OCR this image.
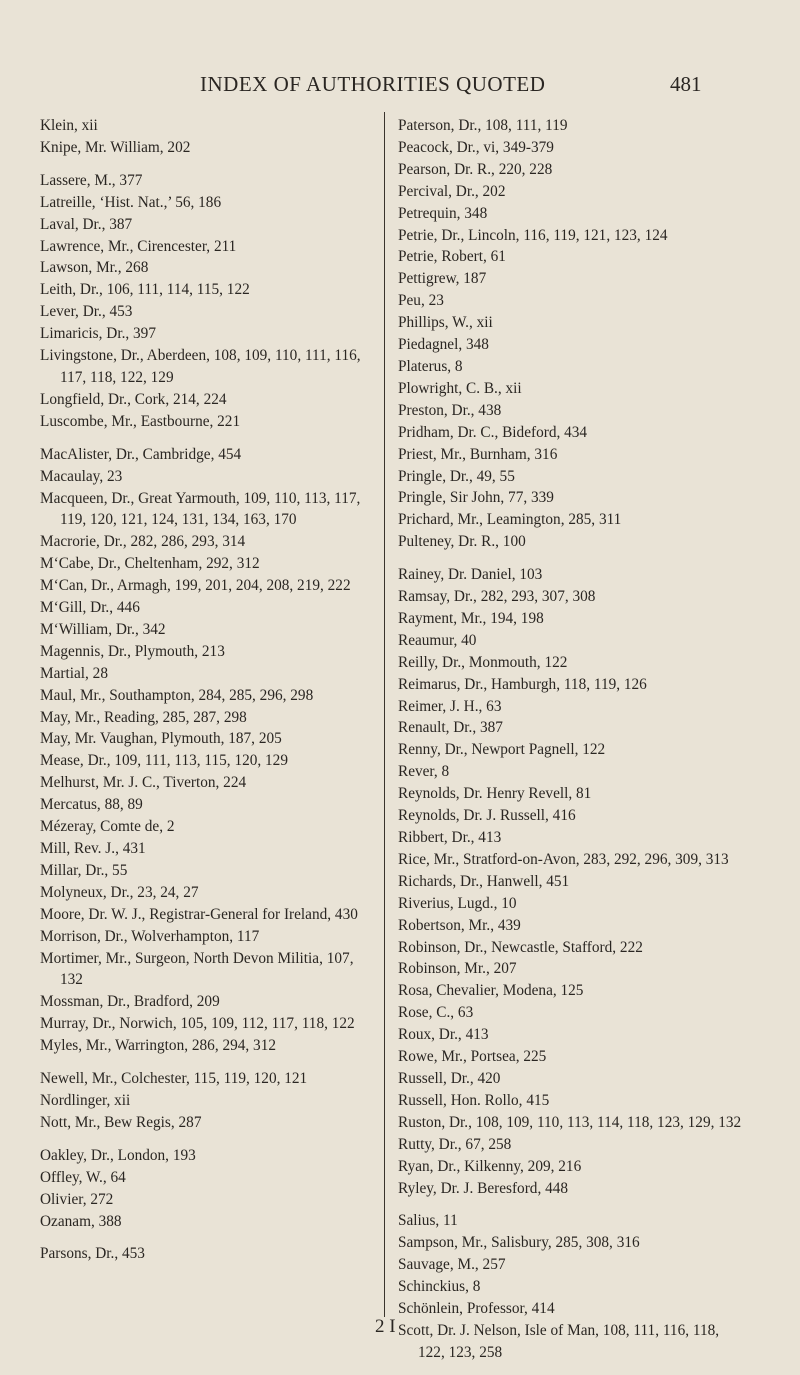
INDEX OF AUTHORITIES QUOTED	481
Klein, xii
Knipe, Mr. William, 202
Lassere, M., 377
Latreille, ‘Hist. Nat.,’ 56, 186
Laval, Dr., 387
Lawrence, Mr., Cirencester, 211
Lawson, Mr., 268
Leith, Dr., 106, 111, 114, 115, 122
Lever, Dr., 453
Limaricis, Dr., 397
Livingstone, Dr., Aberdeen, 108, 109, 110, 111, 116, 117, 118, 122, 129
Longfield, Dr., Cork, 214, 224
Luscombe, Mr., Eastbourne, 221
MacAlister, Dr., Cambridge, 454
Macaulay, 23
Macqueen, Dr., Great Yarmouth, 109, 110, 113, 117, 119, 120, 121, 124, 131, 134, 163, 170
Macrorie, Dr., 282, 286, 293, 314
M‘Cabe, Dr., Cheltenham, 292, 312
M‘Can, Dr., Armagh, 199, 201, 204, 208, 219, 222
M‘Gill, Dr., 446
M‘William, Dr., 342
Magennis, Dr., Plymouth, 213
Martial, 28
Maul, Mr., Southampton, 284, 285, 296, 298
May, Mr., Reading, 285, 287, 298
May, Mr. Vaughan, Plymouth, 187, 205
Mease, Dr., 109, 111, 113, 115, 120, 129
Melhurst, Mr. J. C., Tiverton, 224
Mercatus, 88, 89
Mézeray, Comte de, 2
Mill, Rev. J., 431
Millar, Dr., 55
Molyneux, Dr., 23, 24, 27
Moore, Dr. W. J., Registrar-General for Ireland, 430
Morrison, Dr., Wolverhampton, 117
Mortimer, Mr., Surgeon, North Devon Militia, 107, 132
Mossman, Dr., Bradford, 209
Murray, Dr., Norwich, 105, 109, 112, 117, 118, 122
Myles, Mr., Warrington, 286, 294, 312
Newell, Mr., Colchester, 115, 119, 120, 121
Nordlinger, xii
Nott, Mr., Bew Regis, 287
Oakley, Dr., London, 193
Offley, W., 64
Olivier, 272
Ozanam, 388
Parsons, Dr., 453
Paterson, Dr., 108, 111, 119
Peacock, Dr., vi, 349-379
Pearson, Dr. R., 220, 228
Percival, Dr., 202
Petrequin, 348
Petrie, Dr., Lincoln, 116, 119, 121, 123, 124
Petrie, Robert, 61
Pettigrew, 187
Peu, 23
Phillips, W., xii
Piedagnel, 348
Platerus, 8
Plowright, C. B., xii
Preston, Dr., 438
Pridham, Dr. C., Bideford, 434
Priest, Mr., Burnham, 316
Pringle, Dr., 49, 55
Pringle, Sir John, 77, 339
Prichard, Mr., Leamington, 285, 311
Pulteney, Dr. R., 100
Rainey, Dr. Daniel, 103
Ramsay, Dr., 282, 293, 307, 308
Rayment, Mr., 194, 198
Reaumur, 40
Reilly, Dr., Monmouth, 122
Reimarus, Dr., Hamburgh, 118, 119, 126
Reimer, J. H., 63
Renault, Dr., 387
Renny, Dr., Newport Pagnell, 122
Rever, 8
Reynolds, Dr. Henry Revell, 81
Reynolds, Dr. J. Russell, 416
Ribbert, Dr., 413
Rice, Mr., Stratford-on-Avon, 283, 292, 296, 309, 313
Richards, Dr., Hanwell, 451
Riverius, Lugd., 10
Robertson, Mr., 439
Robinson, Dr., Newcastle, Stafford, 222
Robinson, Mr., 207
Rosa, Chevalier, Modena, 125
Rose, C., 63
Roux, Dr., 413
Rowe, Mr., Portsea, 225
Russell, Dr., 420
Russell, Hon. Rollo, 415
Ruston, Dr., 108, 109, 110, 113, 114, 118, 123, 129, 132
Rutty, Dr., 67, 258
Ryan, Dr., Kilkenny, 209, 216
Ryley, Dr. J. Beresford, 448
Salius, 11
Sampson, Mr., Salisbury, 285, 308, 316
Sauvage, M., 257
Schinckius, 8
Schönlein, Professor, 414
Scott, Dr. J. Nelson, Isle of Man, 108, 111, 116, 118, 122, 123, 258
2 I
